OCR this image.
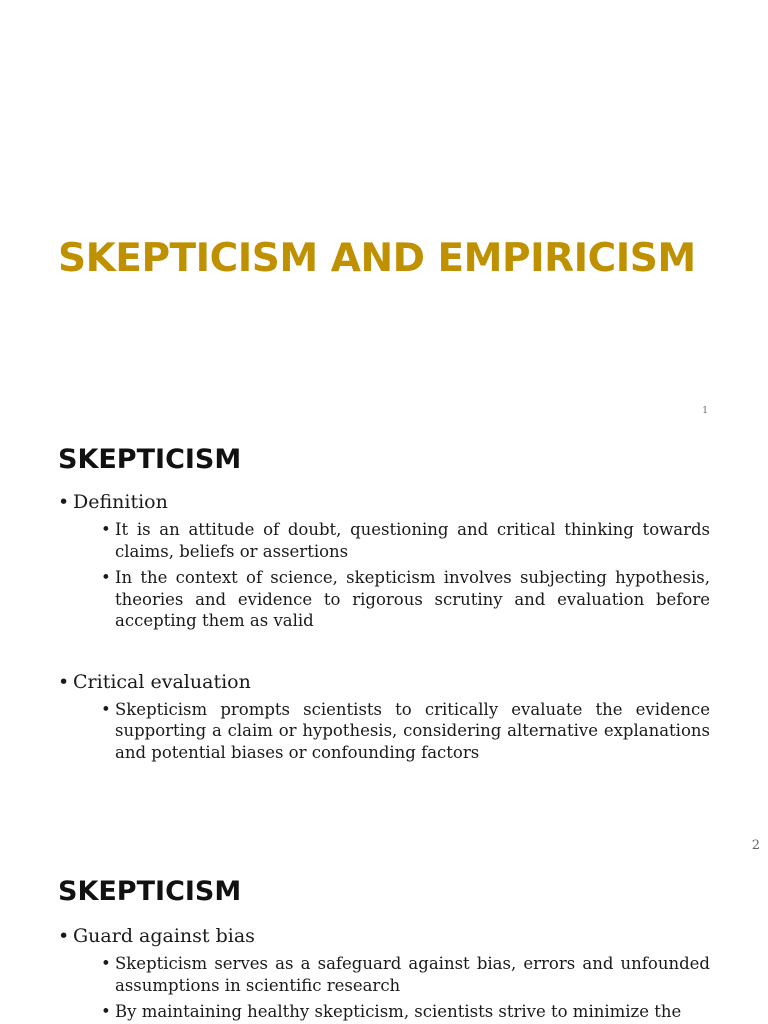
SKEPTICISM AND EMPIRICISM
1
SKEPTICISM
• Definition
• It is an attitude of doubt, questioning and critical thinking towards claims, beliefs or assertions
• In the context of science, skepticism involves subjecting hypothesis, theories and evidence to rigorous scrutiny and evaluation before accepting them as valid
• Critical evaluation
• Skepticism prompts scientists to critically evaluate the evidence supporting a claim or hypothesis, considering alternative explanations and potential biases or confounding factors
2
SKEPTICISM
• Guard against bias
• Skepticism serves as a safeguard against bias, errors and unfounded assumptions in scientific research
• By maintaining healthy skepticism, scientists strive to minimize the
